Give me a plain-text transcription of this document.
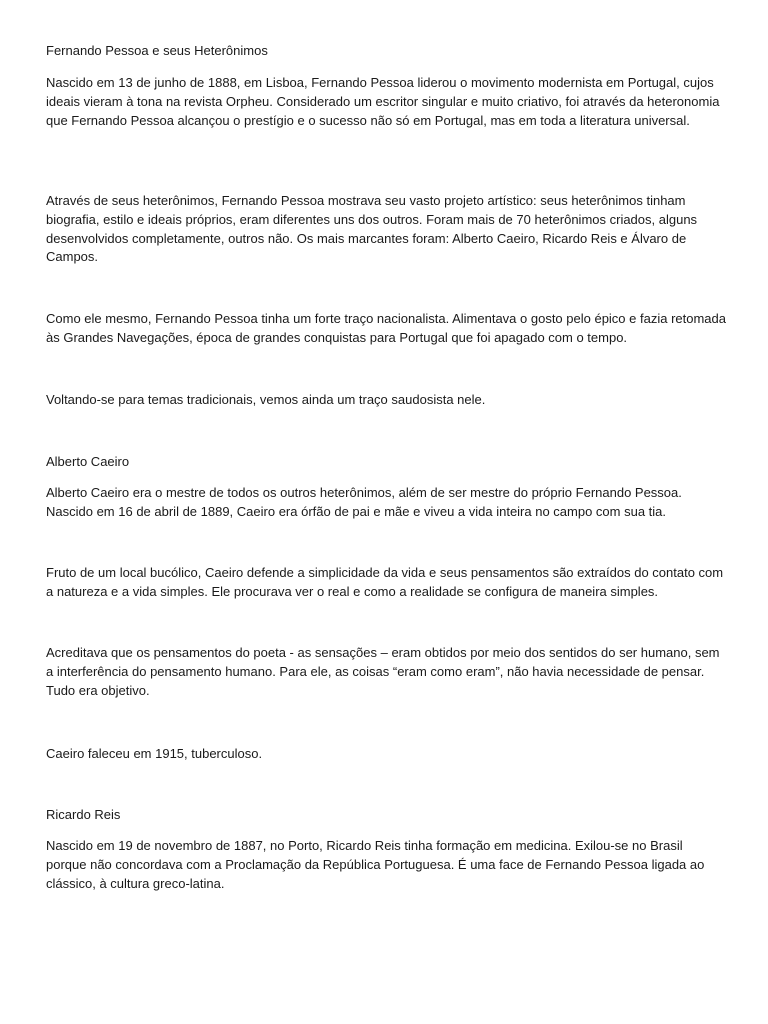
Fernando Pessoa e seus Heterônimos

Nascido em 13 de junho de 1888, em Lisboa, Fernando Pessoa liderou o movimento modernista em Portugal, cujos ideais vieram à tona na revista Orpheu. Considerado um escritor singular e muito criativo, foi através da heteronomia que Fernando Pessoa alcançou o prestígio e o sucesso não só em Portugal, mas em toda a literatura universal.

Através de seus heterônimos, Fernando Pessoa mostrava seu vasto projeto artístico: seus heterônimos tinham biografia, estilo e ideais próprios, eram diferentes uns dos outros. Foram mais de 70 heterônimos criados, alguns desenvolvidos completamente, outros não. Os mais marcantes foram: Alberto Caeiro, Ricardo Reis e Álvaro de Campos.

Como ele mesmo, Fernando Pessoa tinha um forte traço nacionalista. Alimentava o gosto pelo épico e fazia retomada às Grandes Navegações, época de grandes conquistas para Portugal que foi apagado com o tempo.

Voltando-se para temas tradicionais, vemos ainda um traço saudosista nele.

Alberto Caeiro

Alberto Caeiro era o mestre de todos os outros heterônimos, além de ser mestre do próprio Fernando Pessoa. Nascido em 16 de abril de 1889, Caeiro era órfão de pai e mãe e viveu a vida inteira no campo com sua tia.

Fruto de um local bucólico, Caeiro defende a simplicidade da vida e seus pensamentos são extraídos do contato com a natureza e a vida simples. Ele procurava ver o real e como a realidade se configura de maneira simples.

Acreditava que os pensamentos do poeta - as sensações – eram obtidos por meio dos sentidos do ser humano, sem a interferência do pensamento humano. Para ele, as coisas “eram como eram”, não havia necessidade de pensar. Tudo era objetivo.

Caeiro faleceu em 1915, tuberculoso.

Ricardo Reis

Nascido em 19 de novembro de 1887, no Porto, Ricardo Reis tinha formação em medicina. Exilou-se no Brasil porque não concordava com a Proclamação da República Portuguesa. É uma face de Fernando Pessoa ligada ao clássico, à cultura greco-latina.
